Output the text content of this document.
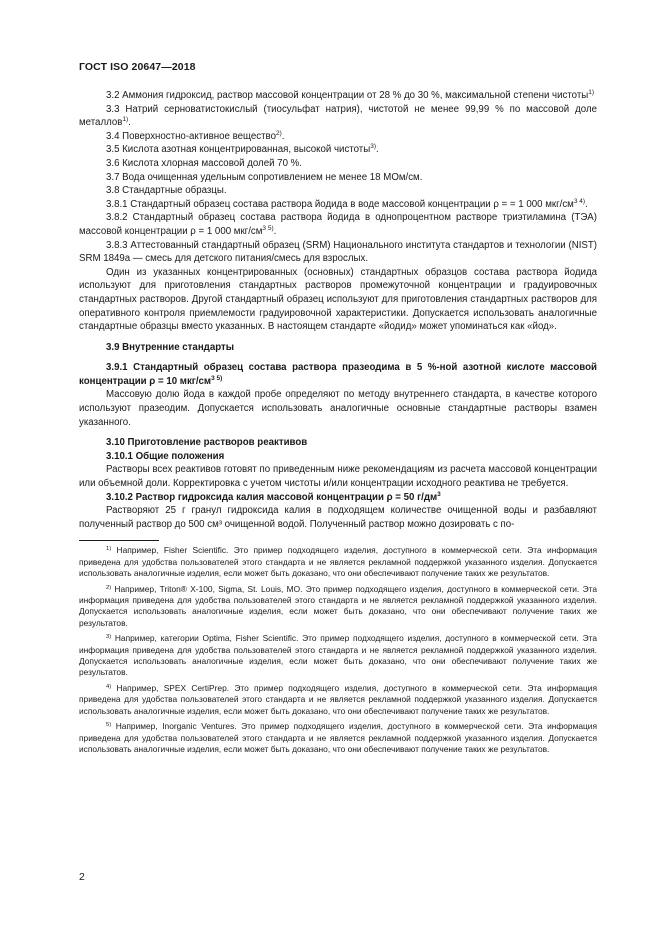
ГОСТ ISO 20647—2018

3.2 Аммония гидроксид, раствор массовой концентрации от 28 % до 30 %, максимальной степени чистоты$^{1)}$

3.3 Натрий серноватистокислый (тиосульфат натрия), чистотой не менее 99,99 % по массовой доле металлов$^{1)}$.

3.4 Поверхностно-активное вещество$^{2)}$.

3.5 Кислота азотная концентрированная, высокой чистоты$^{3)}$.

3.6 Кислота хлорная массовой долей 70 %.

3.7 Вода очищенная удельным сопротивлением не менее 18 МОм/см.

3.8 Стандартные образцы.

3.8.1 Стандартный образец состава раствора йодида в воде массовой концентрации ρ = = 1 000 мкг/$см^{3 4)}$.

3.8.2 Стандартный образец состава раствора йодида в однопроцентном растворе триэтиламина (ТЭА) массовой концентрации ρ = 1 000 мкг/$см^{3 5)}$.

3.8.3 Аттестованный стандартный образец (SRM) Национального института стандартов и технологии (NIST) SRM 1849a — смесь для детского питания/смесь для взрослых.

Один из указанных концентрированных (основных) стандартных образцов состава раствора йодида используют для приготовления стандартных растворов промежуточной концентрации и градуировочных стандартных растворов. Другой стандартный образец используют для приготовления стандартных растворов для оперативного контроля приемлемости градуировочной характеристики. Допускается использовать аналогичные стандартные образцы вместо указанных. В настоящем стандарте «йодид» может упоминаться как «йод».

3.9 Внутренние стандарты

3.9.1 Стандартный образец состава раствора празеодима в 5 %-ной азотной кислоте массовой концентрации ρ = 10 мкг/$см^{3 5)}$

Массовую долю йода в каждой пробе определяют по методу внутреннего стандарта, в качестве которого используют празеодим. Допускается использовать аналогичные основные стандартные растворы взамен указанного.

3.10 Приготовление растворов реактивов

3.10.1 Общие положения

Растворы всех реактивов готовят по приведенным ниже рекомендациям из расчета массовой концентрации или объемной доли. Корректировка с учетом чистоты и/или концентрации исходного реактива не требуется.

3.10.2 Раствор гидроксида калия массовой концентрации ρ = 50 $г/дм^3$

Растворяют 25 г гранул гидроксида калия в подходящем количестве очищенной воды и разбавляют полученный раствор до 500 см³ очищенной водой. Полученный раствор можно дозировать с по-

$^{1)}$ Например, Fisher Scientific. Это пример подходящего изделия, доступного в коммерческой сети. Эта информация приведена для удобства пользователей этого стандарта и не является рекламной поддержкой указанного изделия. Допускается использовать аналогичные изделия, если может быть доказано, что они обеспечивают получение таких же результатов.

$^{2)}$ Например, Triton® X-100, Sigma, St. Louis, MO. Это пример подходящего изделия, доступного в коммерческой сети. Эта информация приведена для удобства пользователей этого стандарта и не является рекламной поддержкой указанного изделия. Допускается использовать аналогичные изделия, если может быть доказано, что они обеспечивают получение таких же результатов.

$^{3)}$ Например, категории Optima, Fisher Scientific. Это пример подходящего изделия, доступного в коммерческой сети. Эта информация приведена для удобства пользователей этого стандарта и не является рекламной поддержкой указанного изделия. Допускается использовать аналогичные изделия, если может быть доказано, что они обеспечивают получение таких же результатов.

$^{4)}$ Например, SPEX CertiPrep. Это пример подходящего изделия, доступного в коммерческой сети. Эта информация приведена для удобства пользователей этого стандарта и не является рекламной поддержкой указанного изделия. Допускается использовать аналогичные изделия, если может быть доказано, что они обеспечивают получение таких же результатов.

$^{5)}$ Например, Inorganic Ventures. Это пример подходящего изделия, доступного в коммерческой сети. Эта информация приведена для удобства пользователей этого стандарта и не является рекламной поддержкой указанного изделия. Допускается использовать аналогичные изделия, если может быть доказано, что они обеспечивают получение таких же результатов.

2
